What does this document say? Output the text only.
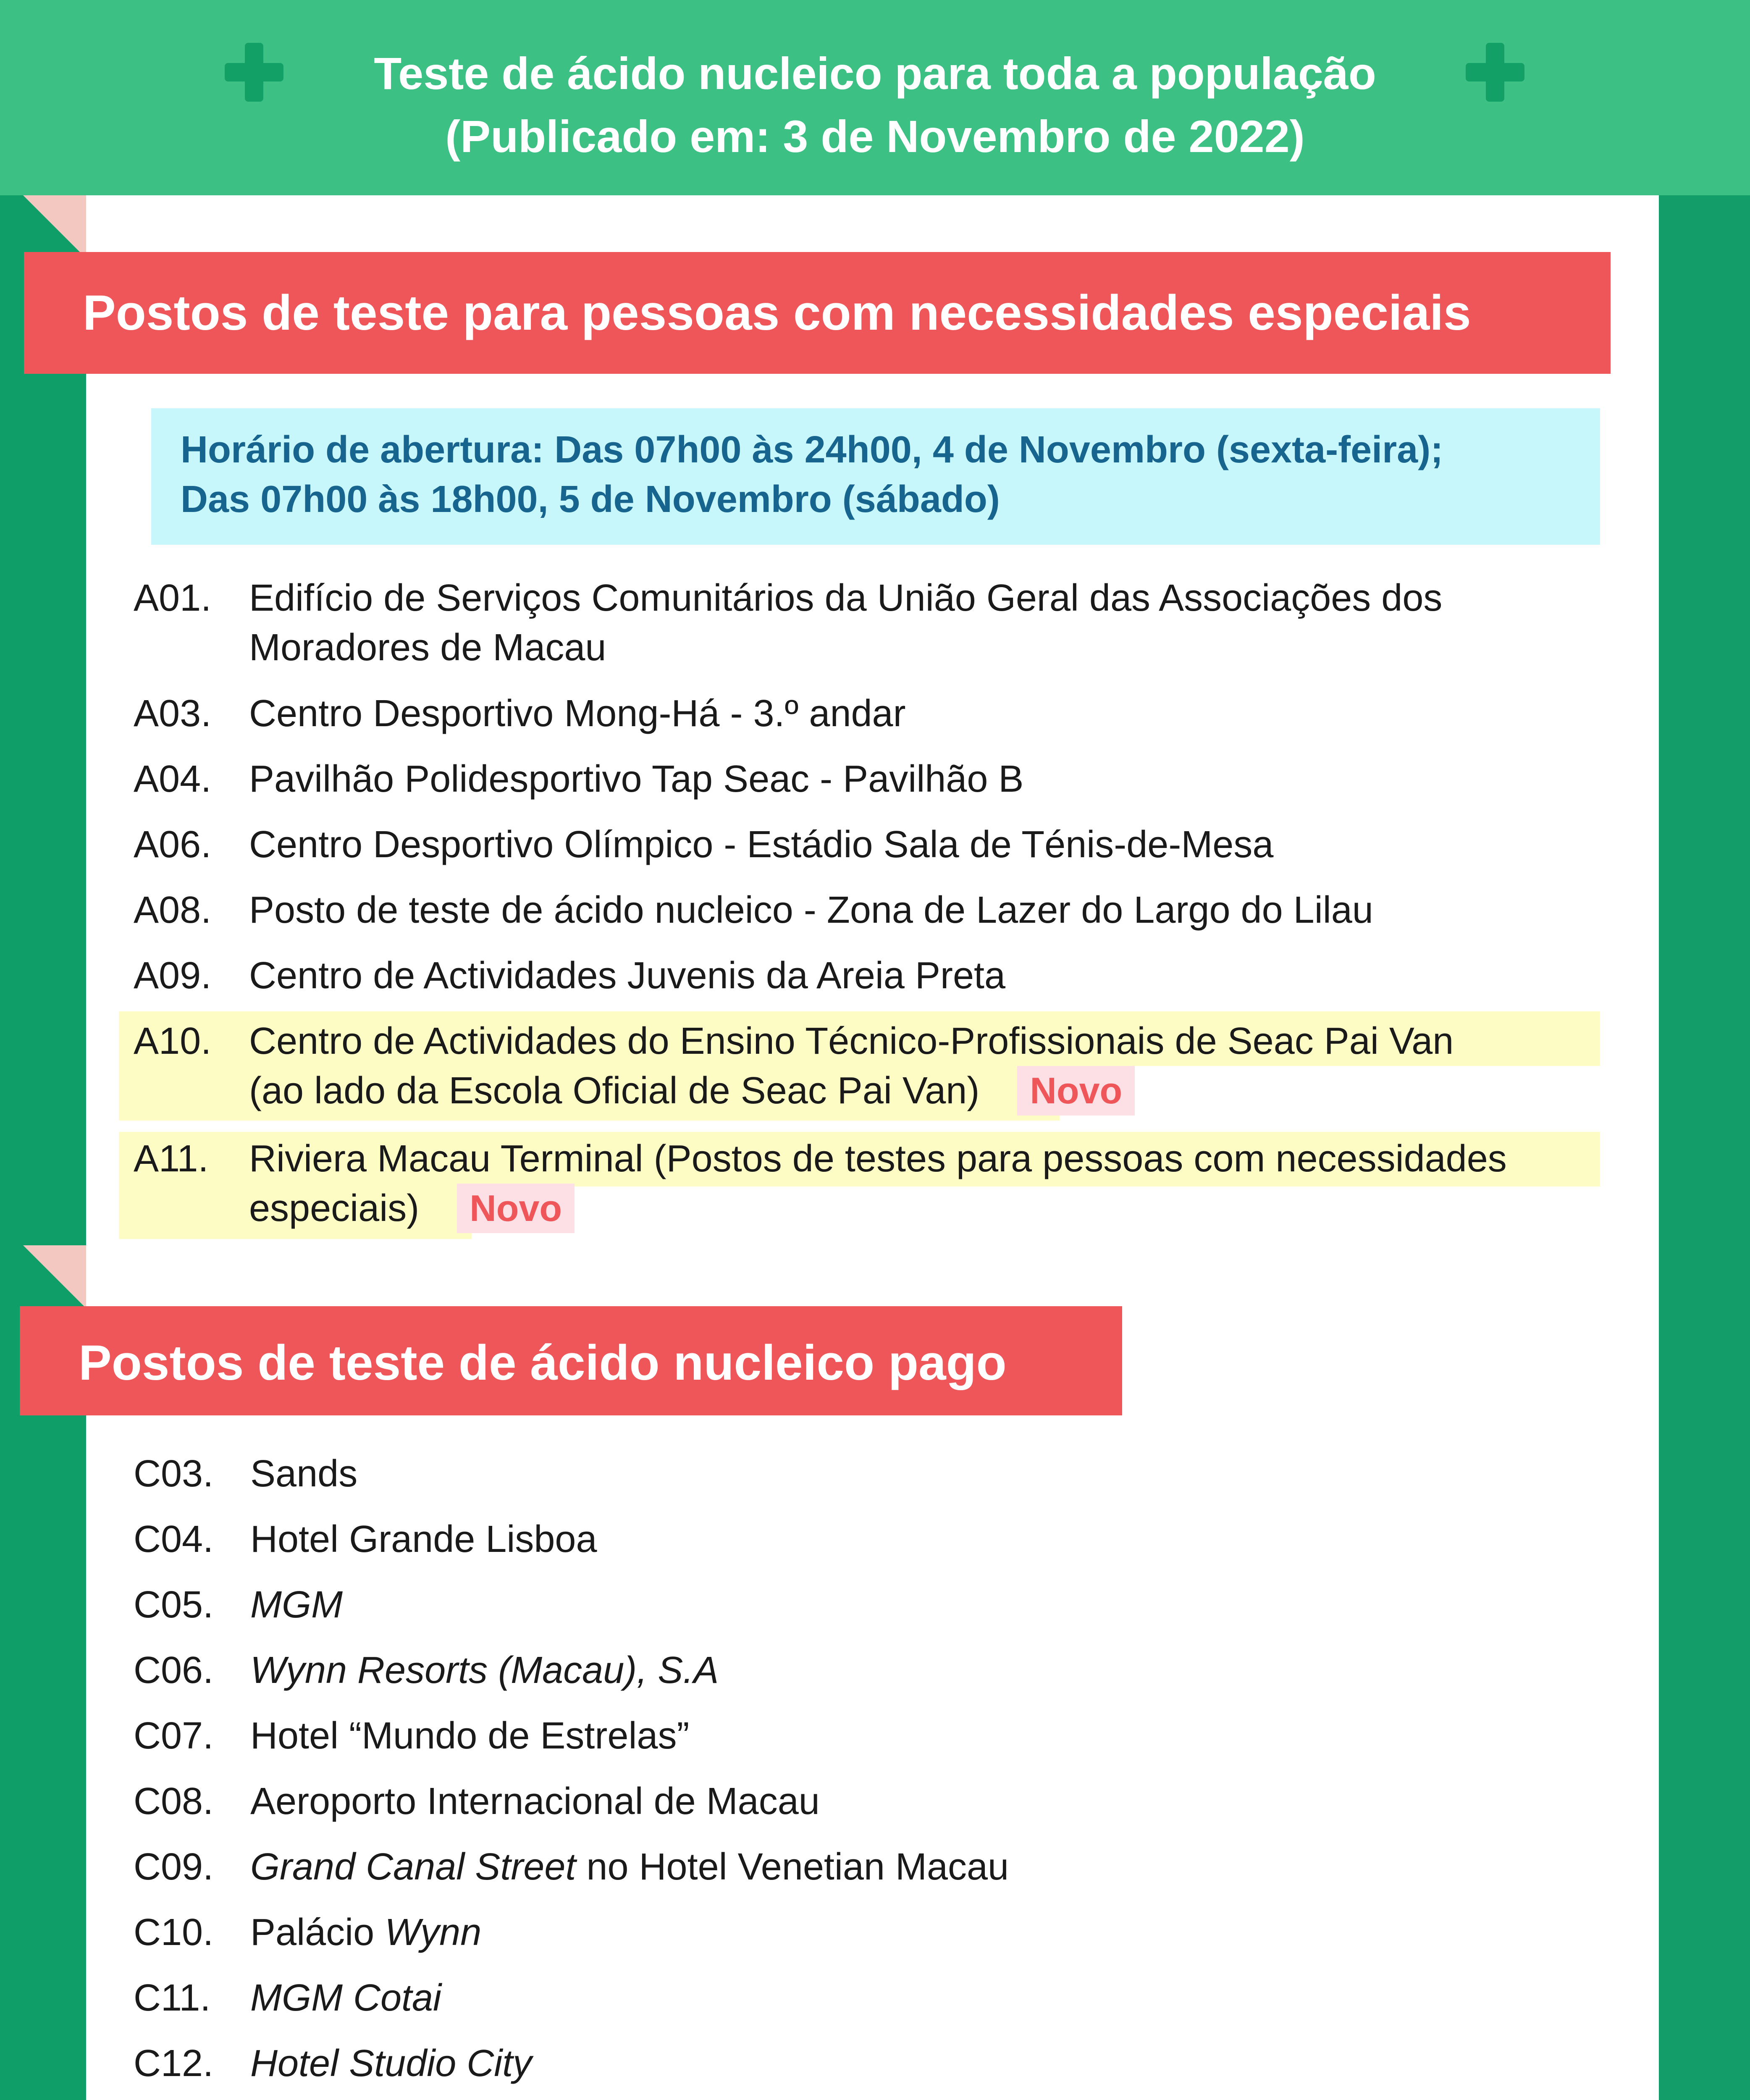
Teste de ácido nucleico para toda a população
(Publicado em: 3 de Novembro de 2022)
Postos de teste para pessoas com necessidades especiais
Horário de abertura: Das 07h00 às 24h00, 4 de Novembro (sexta-feira);
Das 07h00 às 18h00, 5 de Novembro (sábado)
A01. Edifício de Serviços Comunitários da União Geral das Associações dos
Moradores de Macau
A03. Centro Desportivo Mong-Há - 3.º andar
A04. Pavilhão Polidesportivo Tap Seac - Pavilhão B
A06. Centro Desportivo Olímpico - Estádio Sala de Ténis-de-Mesa
A08. Posto de teste de ácido nucleico - Zona de Lazer do Largo do Lilau
A09. Centro de Actividades Juvenis da Areia Preta
A10. Centro de Actividades do Ensino Técnico-Profissionais de Seac Pai Van
(ao lado da Escola Oficial de Seac Pai Van) Novo
A11. Riviera Macau Terminal (Postos de testes para pessoas com necessidades
especiais) Novo
Postos de teste de ácido nucleico pago
C03. Sands
C04. Hotel Grande Lisboa
C05. MGM
C06. Wynn Resorts (Macau), S.A
C07. Hotel “Mundo de Estrelas”
C08. Aeroporto Internacional de Macau
C09. Grand Canal Street no Hotel Venetian Macau
C10. Palácio Wynn
C11. MGM Cotai
C12. Hotel Studio City
